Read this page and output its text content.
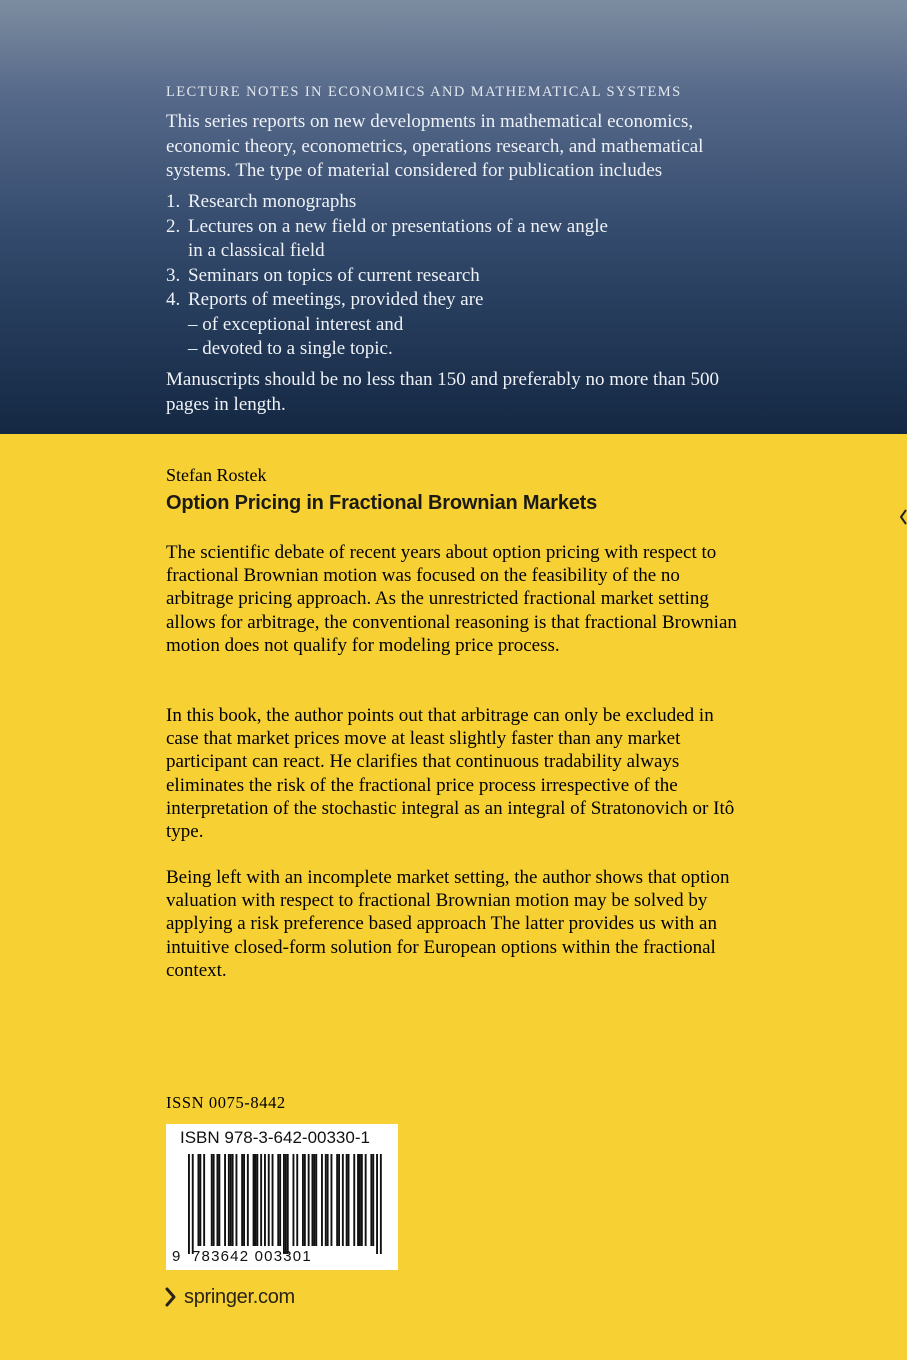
LECTURE NOTES IN ECONOMICS AND MATHEMATICAL SYSTEMS

This series reports on new developments in mathematical economics, economic theory, econometrics, operations research, and mathematical systems. The type of material considered for publication includes

1. Research monographs
2. Lectures on a new field or presentations of a new angle
in a classical field
3. Seminars on topics of current research
4. Reports of meetings, provided they are
– of exceptional interest and
– devoted to a single topic.

Manuscripts should be no less than 150 and preferably no more than 500 pages in length.

Stefan Rostek
Option Pricing in Fractional Brownian Markets

The scientific debate of recent years about option pricing with respect to fractional Brownian motion was focused on the feasibility of the no arbitrage pricing approach. As the unrestricted fractional market setting allows for arbitrage, the conventional reasoning is that fractional Brownian motion does not qualify for modeling price process.

In this book, the author points out that arbitrage can only be excluded in case that market prices move at least slightly faster than any market participant can react. He clarifies that continuous tradability always eliminates the risk of the fractional price process irrespective of the interpretation of the stochastic integral as an integral of Stratonovich or Itô type.

Being left with an incomplete market setting, the author shows that option valuation with respect to fractional Brownian motion may be solved by applying a risk preference based approach The latter provides us with an intuitive closed-form solution for European options within the fractional context.

ISSN 0075-8442
ISBN 978-3-642-00330-1
9 783642 003301
springer.com
